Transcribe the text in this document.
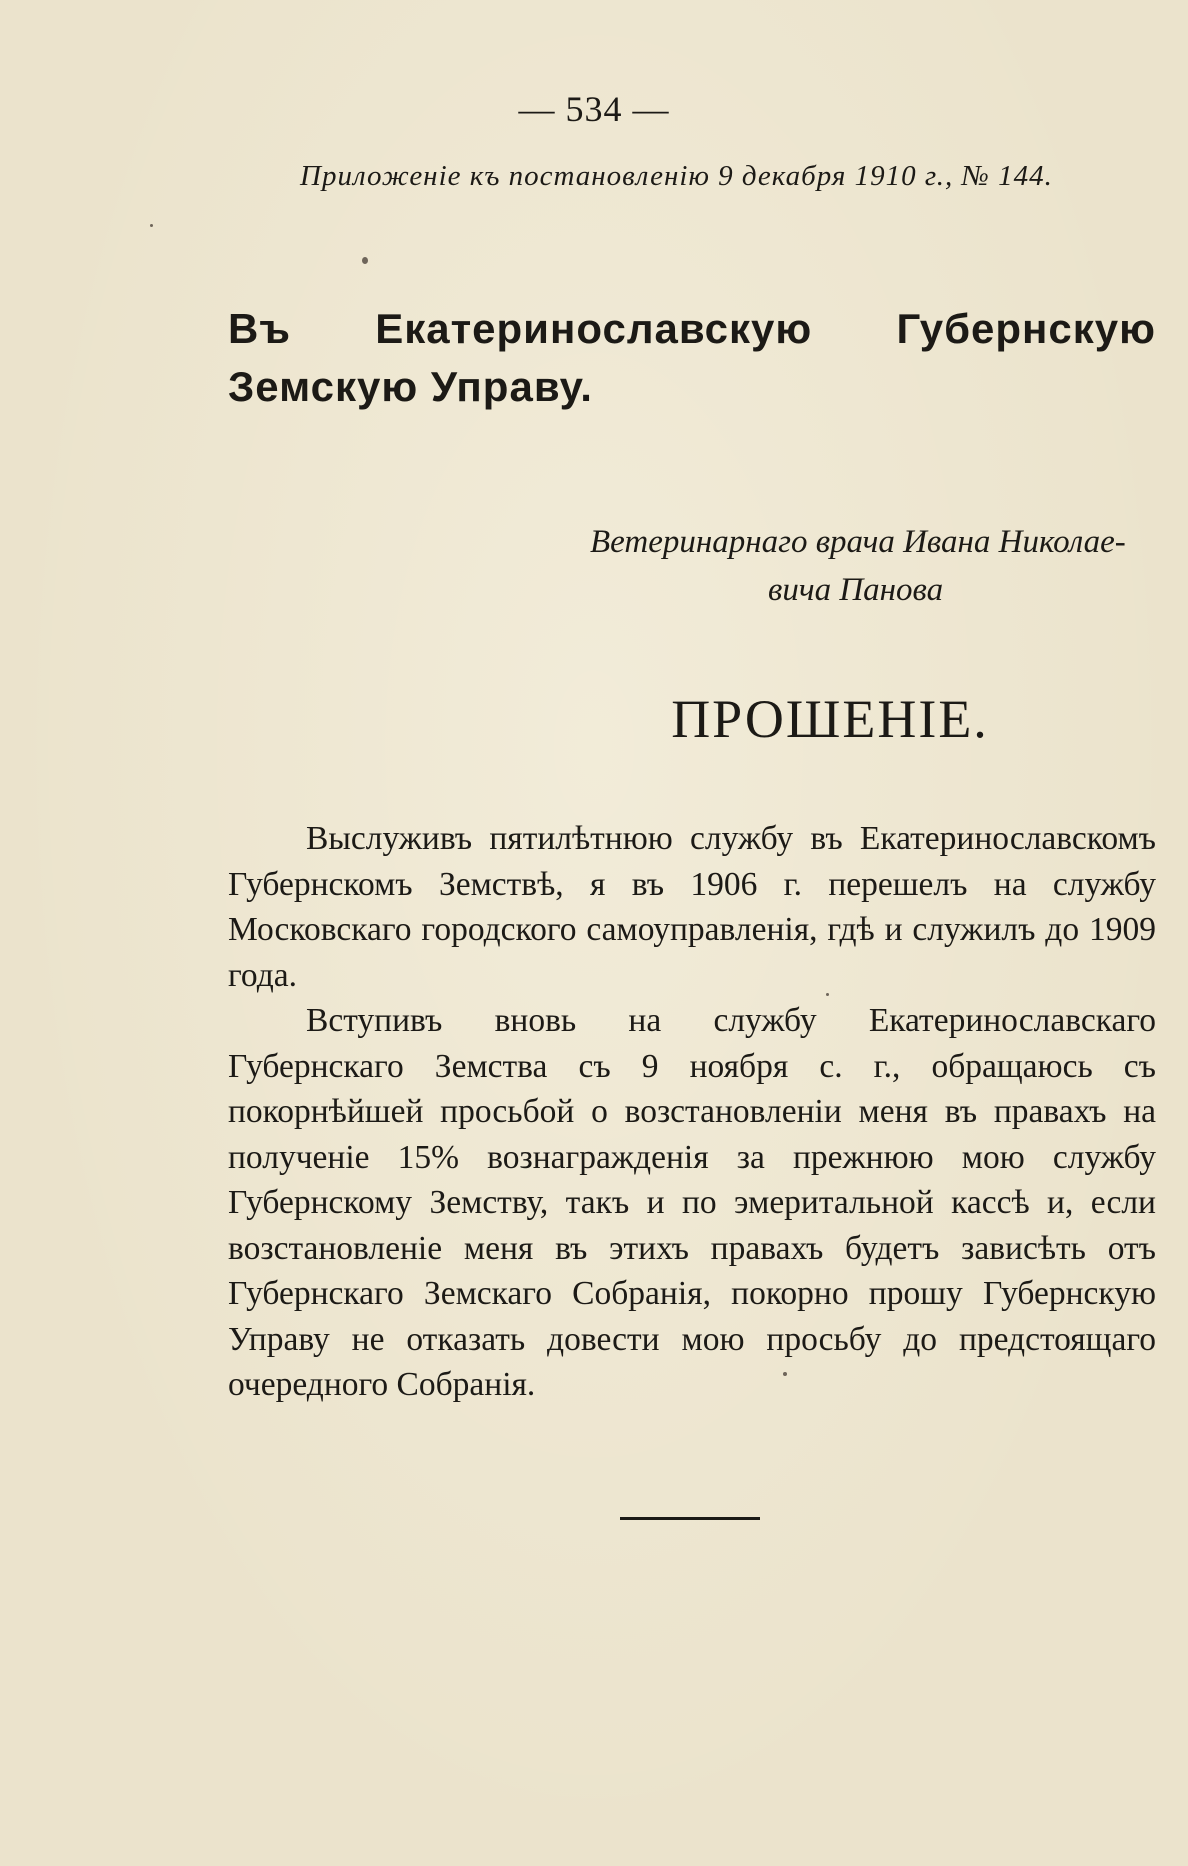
— 534 —
Приложенiе къ постановленiю 9 декабря 1910 г., № 144.
Въ Екатеринославскую Губернскую Земскую Управу.
Ветеринарнаго врача Ивана Николае-
вича Панова
ПРОШЕНIЕ.

Выслуживъ пятилѣтнюю службу въ Екатеринославскомъ Губернскомъ Земствѣ, я въ 1906 г. перешелъ на службу Московскаго городского самоуправленiя, гдѣ и служилъ до 1909 года.

Вступивъ вновь на службу Екатеринославскаго Губернскаго Земства съ 9 ноября с. г., обращаюсь съ покорнѣйшей просьбой о возстановленiи меня въ правахъ на полученiе 15% вознагражденiя за прежнюю мою службу Губернскому Земству, такъ и по эмеритальной кассѣ и, если возстановленiе меня въ этихъ правахъ будетъ зависѣть отъ Губернскаго Земскаго Собранiя, покорно прошу Губернскую Управу не отказать довести мою просьбу до предстоящаго очередного Собранiя.
